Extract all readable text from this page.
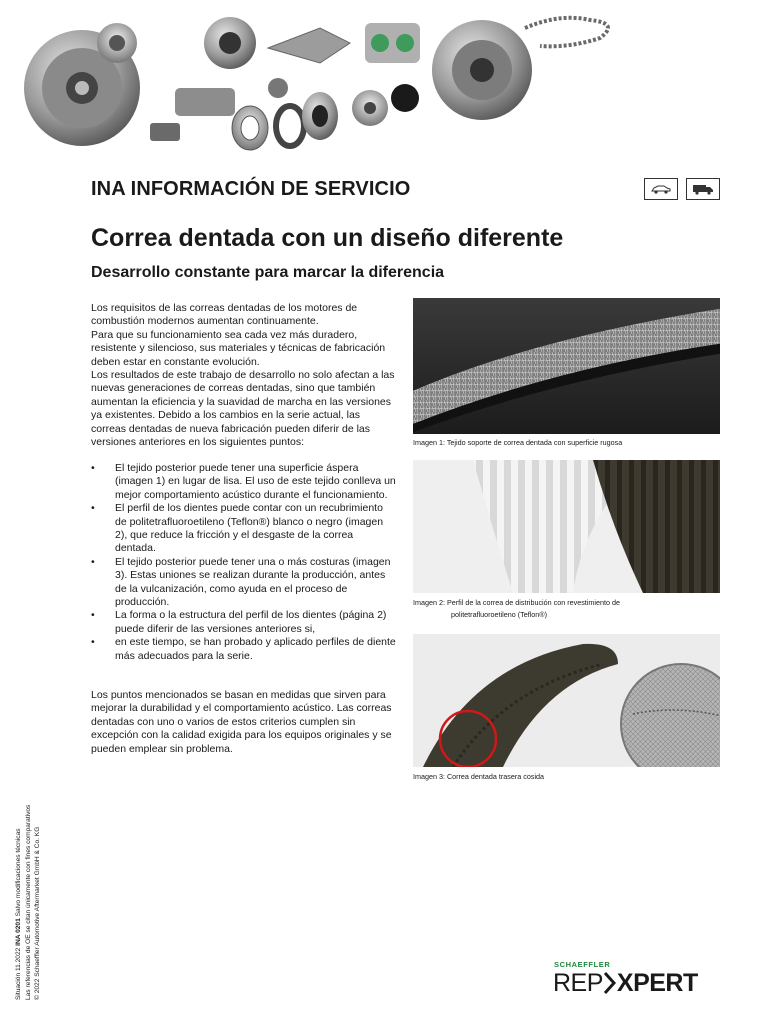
INA INFORMACIÓN DE SERVICIO
Correa dentada con un diseño diferente
Desarrollo constante para marcar la diferencia

Los requisitos de las correas dentadas de los motores de combustión modernos aumentan continuamente.

Para que su funcionamiento sea cada vez más duradero, resistente y silencioso, sus materiales y técnicas de fabricación deben estar en constante evolución.

Los resultados de este trabajo de desarrollo no solo afectan a las nuevas generaciones de correas dentadas, sino que también aumentan la eficiencia y la suavidad de marcha en las versiones ya existentes. Debido a los cambios en la serie actual, las correas dentadas de nueva fabricación pueden diferir de las versiones anteriores en los siguientes puntos:

• El tejido posterior puede tener una superficie áspera (imagen 1) en lugar de lisa. El uso de este tejido conlleva un mejor comportamiento acústico durante el funcionamiento.
• El perfil de los dientes puede contar con un recubrimiento de politetrafluoroetileno (Teflon®) blanco o negro (imagen 2), que reduce la fricción y el desgaste de la correa dentada.
• El tejido posterior puede tener una o más costuras (imagen 3). Estas uniones se realizan durante la producción, antes de la vulcanización, como ayuda en el proceso de producción.
• La forma o la estructura del perfil de los dientes (página 2) puede diferir de las versiones anteriores si,
• en este tiempo, se han probado y aplicado perfiles de diente más adecuados para la serie.

Los puntos mencionados se basan en medidas que sirven para mejorar la durabilidad y el comportamiento acústico. Las correas dentadas con uno o varios de estos criterios cumplen sin excepción con la calidad exigida para los equipos originales y se pueden emplear sin problema.

Imagen 1: Tejido soporte de correa dentada con superficie rugosa
Imagen 2: Perfil de la correa de distribución con revestimiento de
politetrafluoroetileno (Teflon®)
Imagen 3: Correa dentada trasera cosida
Situación 11.2022 INA 0201 Salvo modificaciones técnicas Las referencias de OE se citan únicamente con fines comparativos © 2022 Schaeffler Automotive Aftermarket GmbH & Co. KG	SCHAEFFLER
REP XPERT
